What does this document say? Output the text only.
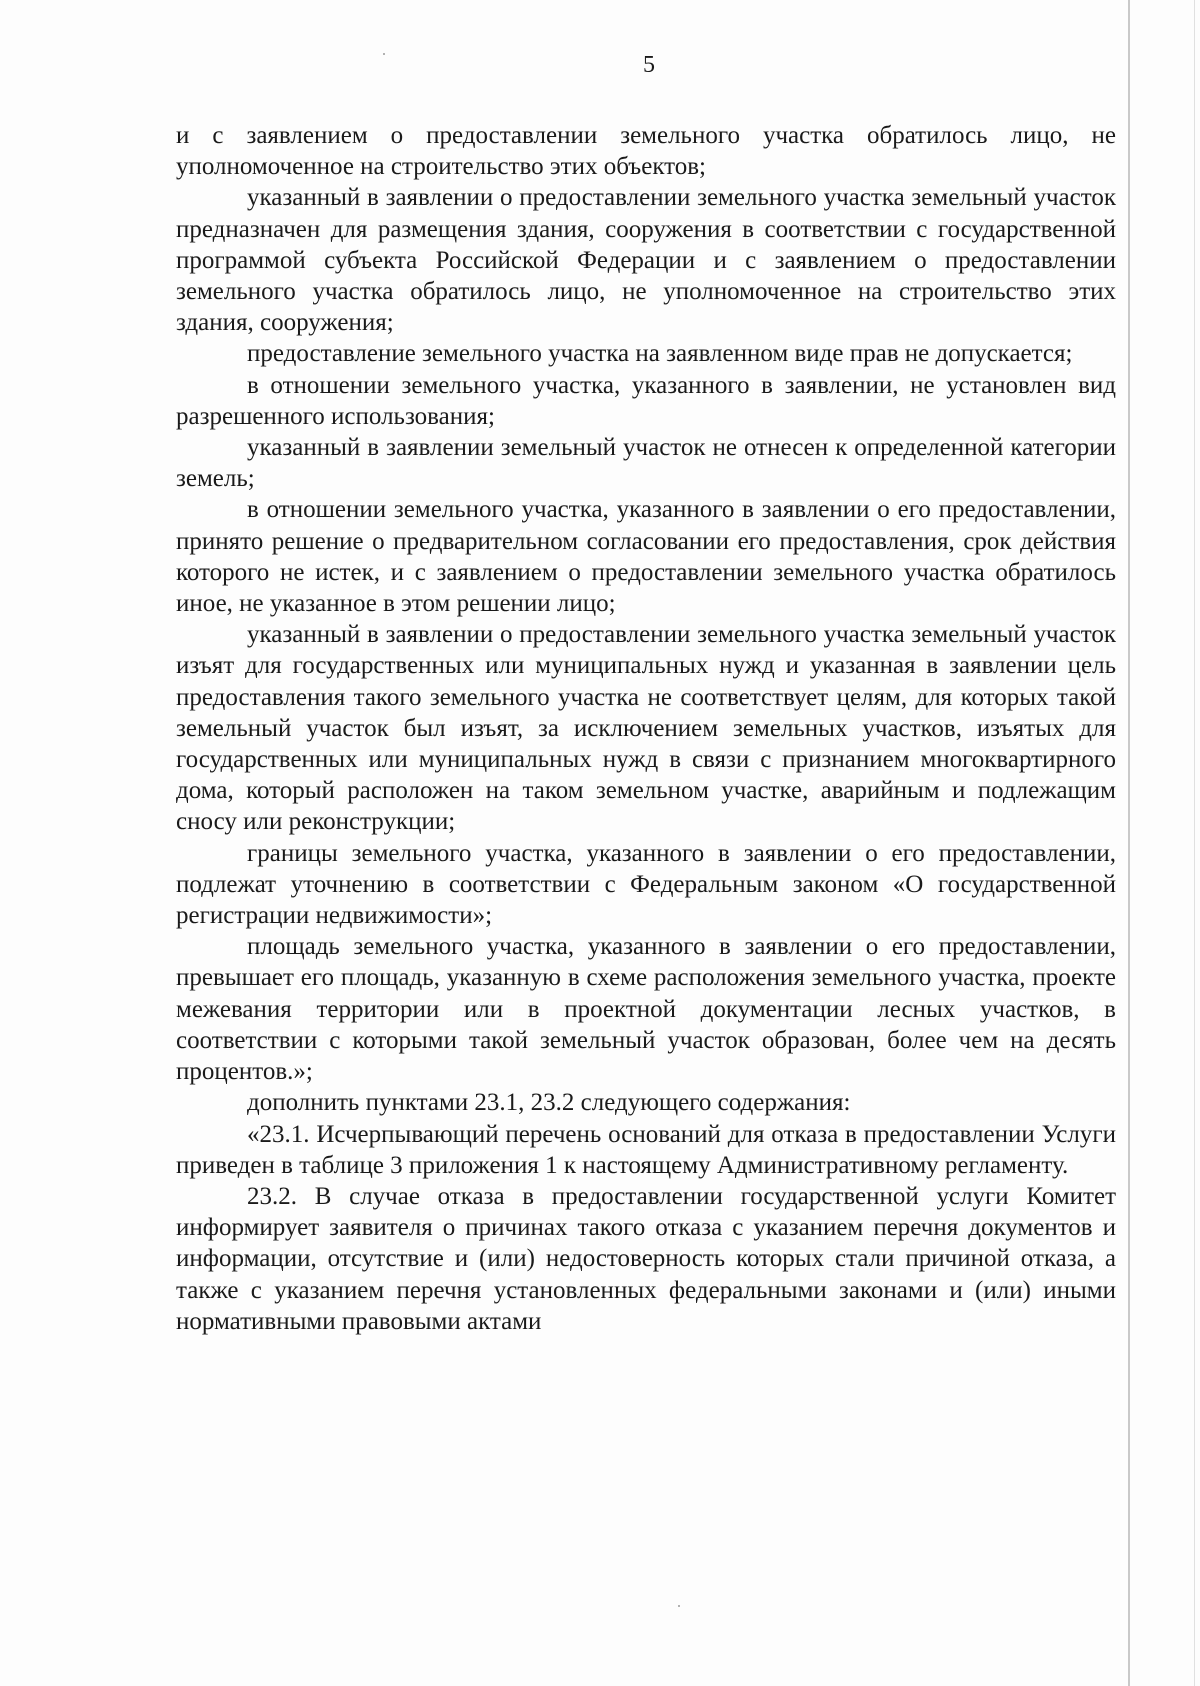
5

и с заявлением о предоставлении земельного участка обратилось лицо, не уполномоченное на строительство этих объектов;

указанный в заявлении о предоставлении земельного участка земельный участок предназначен для размещения здания, сооружения в соответствии с государственной программой субъекта Российской Федерации и с заявлением о предоставлении земельного участка обратилось лицо, не уполномоченное на строительство этих здания, сооружения;

предоставление земельного участка на заявленном виде прав не допускается;

в отношении земельного участка, указанного в заявлении, не установлен вид разрешенного использования;

указанный в заявлении земельный участок не отнесен к определенной категории земель;

в отношении земельного участка, указанного в заявлении о его предоставлении, принято решение о предварительном согласовании его предоставления, срок действия которого не истек, и с заявлением о предоставлении земельного участка обратилось иное, не указанное в этом решении лицо;

указанный в заявлении о предоставлении земельного участка земельный участок изъят для государственных или муниципальных нужд и указанная в заявлении цель предоставления такого земельного участка не соответствует целям, для которых такой земельный участок был изъят, за исключением земельных участков, изъятых для государственных или муниципальных нужд в связи с признанием многоквартирного дома, который расположен на таком земельном участке, аварийным и подлежащим сносу или реконструкции;

границы земельного участка, указанного в заявлении о его предоставлении, подлежат уточнению в соответствии с Федеральным законом «О государственной регистрации недвижимости»;

площадь земельного участка, указанного в заявлении о его предоставлении, превышает его площадь, указанную в схеме расположения земельного участка, проекте межевания территории или в проектной документации лесных участков, в соответствии с которыми такой земельный участок образован, более чем на десять процентов.»;

дополнить пунктами 23.1, 23.2 следующего содержания:

«23.1. Исчерпывающий перечень оснований для отказа в предоставлении Услуги приведен в таблице 3 приложения 1 к настоящему Административному регламенту.

23.2. В случае отказа в предоставлении государственной услуги Комитет информирует заявителя о причинах такого отказа с указанием перечня документов и информации, отсутствие и (или) недостоверность которых стали причиной отказа, а также с указанием перечня установленных федеральными законами и (или) иными нормативными правовыми актами
